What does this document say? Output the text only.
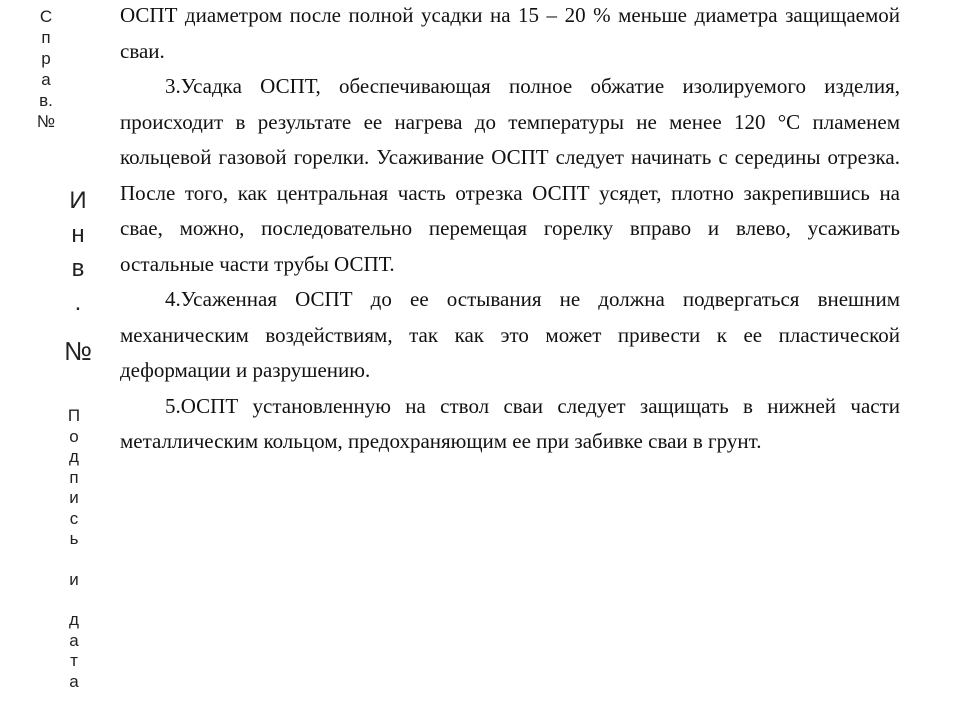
С
п
р
а
в.
№
И
н
в
.
№
П
о
д
п
и
с
ь
и
д
а
т
а

ОСПТ диаметром после полной усадки на 15 – 20 % меньше диаметра защищаемой сваи.

3.Усадка ОСПТ, обеспечивающая полное обжатие изолируемого изделия, происходит в результате ее нагрева до температуры не менее 120 °С пламенем кольцевой газовой горелки. Усаживание ОСПТ следует начинать с середины отрезка. После того, как центральная часть отрезка ОСПТ усядет, плотно закрепившись на свае, можно, последовательно перемещая горелку вправо и влево, усаживать остальные части трубы ОСПТ.

4.Усаженная ОСПТ до ее остывания не должна подвергаться внешним механическим воздействиям, так как это может привести к ее пластической деформации и разрушению.

5.ОСПТ установленную на ствол сваи следует защищать в нижней части металлическим кольцом, предохраняющим ее при забивке сваи в грунт.
